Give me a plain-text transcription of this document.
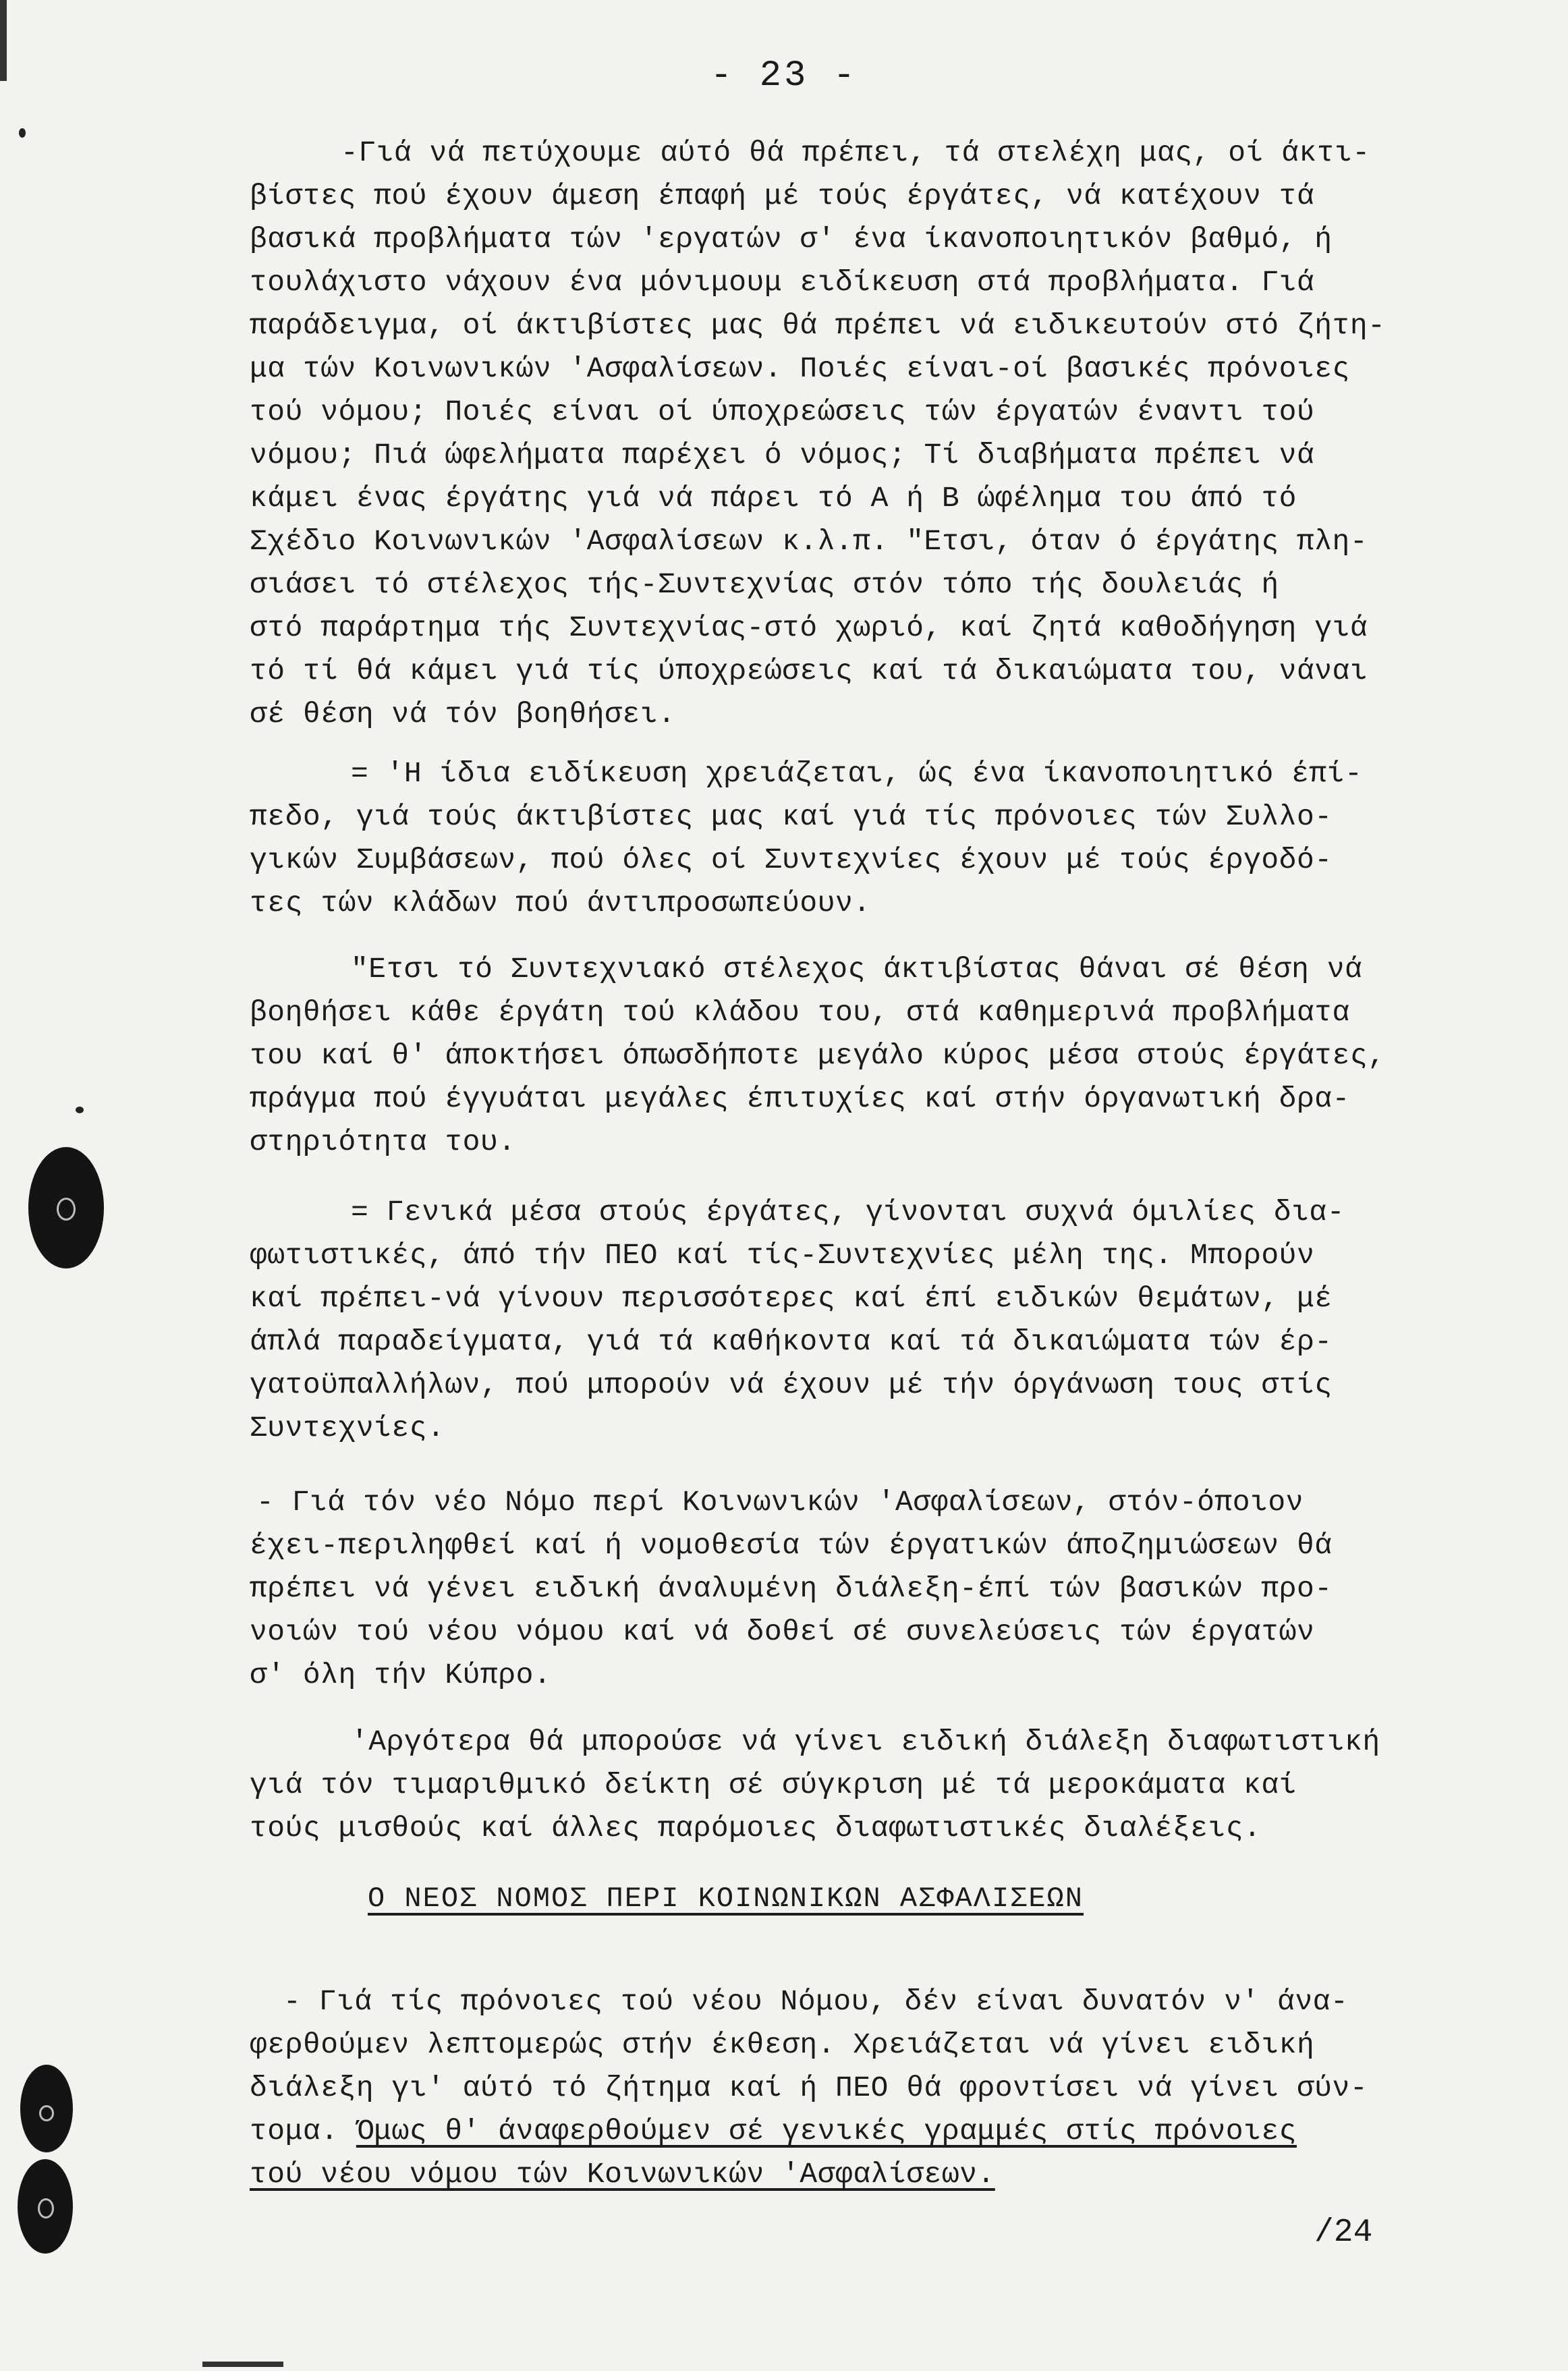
- 23 -
-Γιά νά πετύχουμε αύτό θά πρέπει, τά στελέχη μας, οί άκτι-
βίστες πού έχουν άμεση έπαφή μέ τούς έργάτες, νά κατέχουν τά
βασικά προβλήματα τών 'εργατών σ' ένα ίκανοποιητικόν βαθμό, ή
τουλάχιστο νάχουν ένα μόνιμουμ ειδίκευση στά προβλήματα. Γιά
παράδειγμα, οί άκτιβίστες μας θά πρέπει νά ειδικευτούν στό ζήτη-
μα τών Κοινωνικών 'Ασφαλίσεων. Ποιές είναι-οί βασικές πρόνοιες
τού νόμου; Ποιές είναι οί ύποχρεώσεις τών έργατών έναντι τού
νόμου; Πιά ώφελήματα παρέχει ό νόμος; Τί διαβήματα πρέπει νά
κάμει ένας έργάτης γιά νά πάρει τό Α ή Β ώφέλημα του άπό τό
Σχέδιο Κοινωνικών 'Ασφαλίσεων κ.λ.π. "Ετσι, όταν ό έργάτης πλη-
σιάσει τό στέλεχος τής-Συντεχνίας στόν τόπο τής δουλειάς ή
στό παράρτημα τής Συντεχνίας-στό χωριό, καί ζητά καθοδήγηση γιά
τό τί θά κάμει γιά τίς ύποχρεώσεις καί τά δικαιώματα του, νάναι
σέ θέση νά τόν βοηθήσει.
= 'Η ίδια ειδίκευση χρειάζεται, ώς ένα ίκανοποιητικό έπί-
πεδο, γιά τούς άκτιβίστες μας καί γιά τίς πρόνοιες τών Συλλο-
γικών Συμβάσεων, πού όλες οί Συντεχνίες έχουν μέ τούς έργοδό-
τες τών κλάδων πού άντιπροσωπεύουν.
"Ετσι τό Συντεχνιακό στέλεχος άκτιβίστας θάναι σέ θέση νά
βοηθήσει κάθε έργάτη τού κλάδου του, στά καθημερινά προβλήματα
του καί θ' άποκτήσει όπωσδήποτε μεγάλο κύρος μέσα στούς έργάτες,
πράγμα πού έγγυάται μεγάλες έπιτυχίες καί στήν όργανωτική δρα-
στηριότητα του.
= Γενικά μέσα στούς έργάτες, γίνονται συχνά όμιλίες δια-
φωτιστικές, άπό τήν ΠΕΟ καί τίς-Συντεχνίες μέλη της. Μπορούν
καί πρέπει-νά γίνουν περισσότερες καί έπί ειδικών θεμάτων, μέ
άπλά παραδείγματα, γιά τά καθήκοντα καί τά δικαιώματα τών έρ-
γατοϋπαλλήλων, πού μπορούν νά έχουν μέ τήν όργάνωση τους στίς
Συντεχνίες.
- Γιά τόν νέο Νόμο περί Κοινωνικών 'Ασφαλίσεων, στόν-όποιον
έχει-περιληφθεί καί ή νομοθεσία τών έργατικών άποζημιώσεων θά
πρέπει νά γένει ειδική άναλυμένη διάλεξη-έπί τών βασικών προ-
νοιών τού νέου νόμου καί νά δοθεί σέ συνελεύσεις τών έργατών
σ' όλη τήν Κύπρο.
'Αργότερα θά μπορούσε νά γίνει ειδική διάλεξη διαφωτιστική
γιά τόν τιμαριθμικό δείκτη σέ σύγκριση μέ τά μεροκάματα καί
τούς μισθούς καί άλλες παρόμοιες διαφωτιστικές διαλέξεις.
Ο ΝΕΟΣ ΝΟΜΟΣ ΠΕΡΙ ΚΟΙΝΩΝΙΚΩΝ ΑΣΦΑΛΙΣΕΩΝ
- Γιά τίς πρόνοιες τού νέου Νόμου, δέν είναι δυνατόν ν' άνα-
φερθούμεν λεπτομερώς στήν έκθεση. Χρειάζεται νά γίνει ειδική
διάλεξη γι' αύτό τό ζήτημα καί ή ΠΕΟ θά φροντίσει νά γίνει σύν-
τομα. Όμως θ' άναφερθούμεν σέ γενικές γραμμές στίς πρόνοιες
τού νέου νόμου τών Κοινωνικών 'Ασφαλίσεων.
/24
